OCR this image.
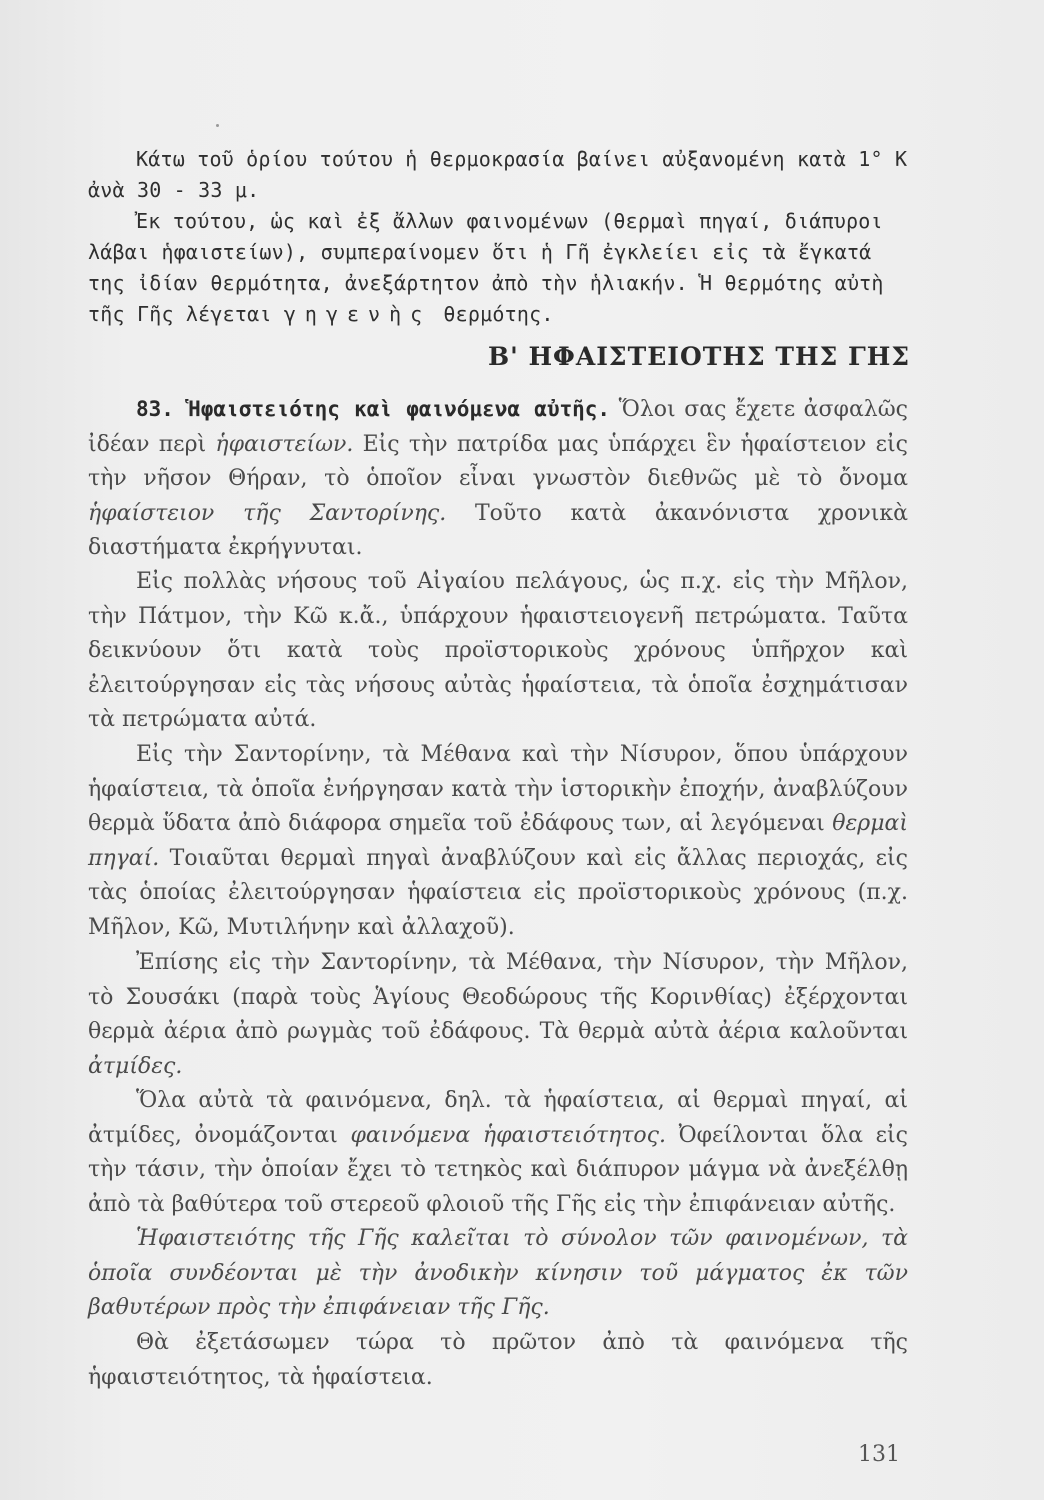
Κάτω τοῦ ὁρίου τούτου ἡ θερμοκρασία βαίνει αὐξανομένη κατὰ 1° Κ ἀνὰ 30 - 33 μ.

Ἐκ τούτου, ὡς καὶ ἐξ ἄλλων φαινομένων (θερμαὶ πηγαί, διάπυροι λάβαι ἡφαιστείων), συμπεραίνομεν ὅτι ἡ Γῆ ἐγκλείει εἰς τὰ ἔγκατά της ἰδίαν θερμότητα, ἀνεξάρτητον ἀπὸ τὴν ἡλιακήν. Ἡ θερμότης αὐτὴ τῆς Γῆς λέγεται γηγενὴς θερμότης.

Β' ΗΦΑΙΣΤΕΙΟΤΗΣ ΤΗΣ ΓΗΣ

83. Ἡφαιστειότης καὶ φαινόμενα αὐτῆς. Ὅλοι σας ἔχετε ἀσφαλῶς ἰδέαν περὶ ἡφαιστείων. Εἰς τὴν πατρίδα μας ὑπάρχει ἓν ἡφαίστειον εἰς τὴν νῆσον Θήραν, τὸ ὁποῖον εἶναι γνωστὸν διεθνῶς μὲ τὸ ὄνομα ἡφαίστειον τῆς Σαντορίνης. Τοῦτο κατὰ ἀκανόνιστα χρονικὰ διαστήματα ἐκρήγνυται.

Εἰς πολλὰς νήσους τοῦ Αἰγαίου πελάγους, ὡς π.χ. εἰς τὴν Μῆλον, τὴν Πάτμον, τὴν Κῶ κ.ἄ., ὑπάρχουν ἡφαιστειογενῆ πετρώματα. Ταῦτα δεικνύουν ὅτι κατὰ τοὺς προϊστορικοὺς χρόνους ὑπῆρχον καὶ ἐλειτούργησαν εἰς τὰς νήσους αὐτὰς ἡφαίστεια, τὰ ὁποῖα ἐσχημάτισαν τὰ πετρώματα αὐτά.

Εἰς τὴν Σαντορίνην, τὰ Μέθανα καὶ τὴν Νίσυρον, ὅπου ὑπάρχουν ἡφαίστεια, τὰ ὁποῖα ἐνήργησαν κατὰ τὴν ἱστορικὴν ἐποχήν, ἀναβλύζουν θερμὰ ὕδατα ἀπὸ διάφορα σημεῖα τοῦ ἐδάφους των, αἱ λεγόμεναι θερμαὶ πηγαί. Τοιαῦται θερμαὶ πηγαὶ ἀναβλύζουν καὶ εἰς ἄλλας περιοχάς, εἰς τὰς ὁποίας ἐλειτούργησαν ἡφαίστεια εἰς προϊστορικοὺς χρόνους (π.χ. Μῆλον, Κῶ, Μυτιλήνην καὶ ἀλλαχοῦ).

Ἐπίσης εἰς τὴν Σαντορίνην, τὰ Μέθανα, τὴν Νίσυρον, τὴν Μῆλον, τὸ Σουσάκι (παρὰ τοὺς Ἁγίους Θεοδώρους τῆς Κορινθίας) ἐξέρχονται θερμὰ ἀέρια ἀπὸ ρωγμὰς τοῦ ἐδάφους. Τὰ θερμὰ αὐτὰ ἀέρια καλοῦνται ἀτμίδες.

Ὅλα αὐτὰ τὰ φαινόμενα, δηλ. τὰ ἡφαίστεια, αἱ θερμαὶ πηγαί, αἱ ἀτμίδες, ὀνομάζονται φαινόμενα ἡφαιστειότητος. Ὀφείλονται ὅλα εἰς τὴν τάσιν, τὴν ὁποίαν ἔχει τὸ τετηκὸς καὶ διάπυρον μάγμα νὰ ἀνεξέλθῃ ἀπὸ τὰ βαθύτερα τοῦ στερεοῦ φλοιοῦ τῆς Γῆς εἰς τὴν ἐπιφάνειαν αὐτῆς.

Ἡφαιστειότης τῆς Γῆς καλεῖται τὸ σύνολον τῶν φαινομένων, τὰ ὁποῖα συνδέονται μὲ τὴν ἀνοδικὴν κίνησιν τοῦ μάγματος ἐκ τῶν βαθυτέρων πρὸς τὴν ἐπιφάνειαν τῆς Γῆς.

Θὰ ἐξετάσωμεν τώρα τὸ πρῶτον ἀπὸ τὰ φαινόμενα τῆς ἡφαιστειότητος, τὰ ἡφαίστεια.

131
